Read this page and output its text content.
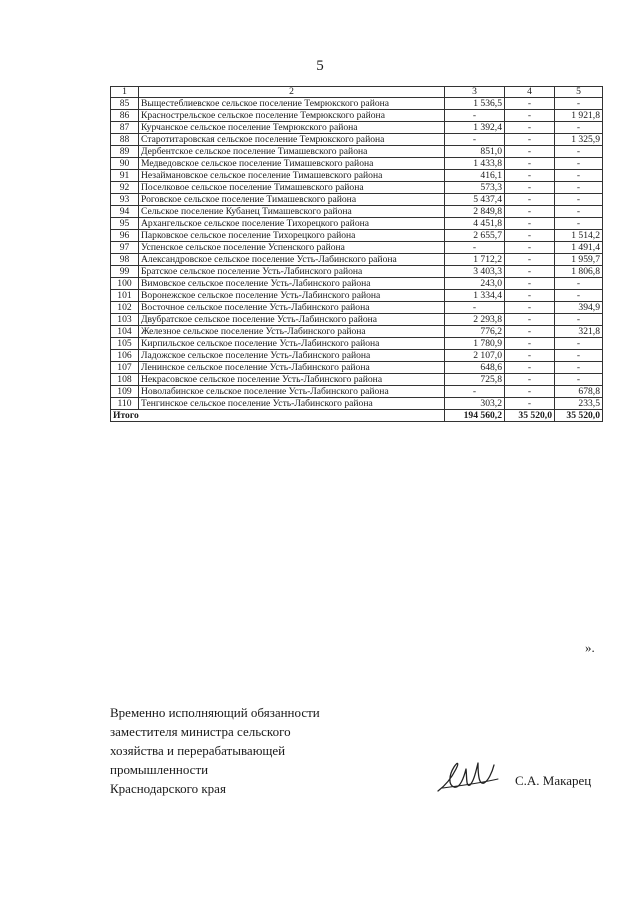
5
1	2	3	4	5
85	Выщестеблиевское сельское поселение Темрюкского района	1 536,5	-	-
86	Краснострельское сельское поселение Темрюкского района	-	-	1 921,8
87	Курчанское сельское поселение Темрюкского района	1 392,4	-	-
88	Старотитаровская сельское поселение Темрюкского района	-	-	1 325,9
89	Дербентское сельское поселение Тимашевского района	851,0	-	-
90	Медведовское сельское поселение Тимашевского района	1 433,8	-	-
91	Незаймановское сельское поселение Тимашевского района	416,1	-	-
92	Поселковое сельское поселение Тимашевского района	573,3	-	-
93	Роговское сельское поселение Тимашевского района	5 437,4	-	-
94	Сельское поселение Кубанец Тимашевского района	2 849,8	-	-
95	Архангельское сельское поселение Тихорецкого района	4 451,8	-	-
96	Парковское сельское поселение Тихорецкого района	2 655,7	-	1 514,2
97	Успенское сельское поселение Успенского района	-	-	1 491,4
98	Александровское сельское поселение Усть-Лабинского района	1 712,2	-	1 959,7
99	Братское сельское поселение Усть-Лабинского района	3 403,3	-	1 806,8
100	Вимовское сельское поселение Усть-Лабинского района	243,0	-	-
101	Воронежское сельское поселение Усть-Лабинского района	1 334,4	-	-
102	Восточное сельское поселение Усть-Лабинского района	-	-	394,9
103	Двубратское сельское поселение Усть-Лабинского района	2 293,8	-	-
104	Железное сельское поселение Усть-Лабинского района	776,2	-	321,8
105	Кирпильское сельское поселение Усть-Лабинского района	1 780,9	-	-
106	Ладожское сельское поселение Усть-Лабинского района	2 107,0	-	-
107	Ленинское сельское поселение Усть-Лабинского района	648,6	-	-
108	Некрасовское сельское поселение Усть-Лабинского района	725,8	-	-
109	Новолабинское сельское поселение Усть-Лабинского района	-	-	678,8
110	Тенгинское сельское поселение Усть-Лабинского района	303,2	-	233,5
Итого		194 560,2	35 520,0	35 520,0
».
Временно исполняющий обязанности
заместителя министра сельского
хозяйства и перерабатывающей
промышленности
Краснодарского края
С.А. Макарец
